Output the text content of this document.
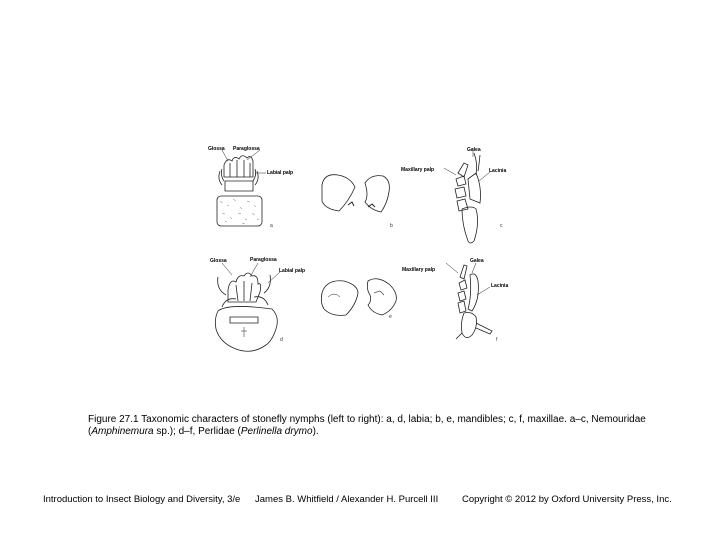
Glossa Paraglossa
Labial palp	Maxillary palp
Galea
Lacinia
a	b	c
Glossa	Paraglossa
Labial palp	Maxillary palp
Galea
Lacinia
d
e
f
Figure 27.1 Taxonomic characters of stonefly nymphs (left to right): a, d, labia; b, e, mandibles; c, f, maxillae. a–c, Nemouridae (Amphinemura sp.); d–f, Perlidae (Perlinella drymo).
Introduction to Insect Biology and Diversity, 3/e	James B. Whitfield / Alexander H. Purcell III	Copyright © 2012 by Oxford University Press, Inc.
